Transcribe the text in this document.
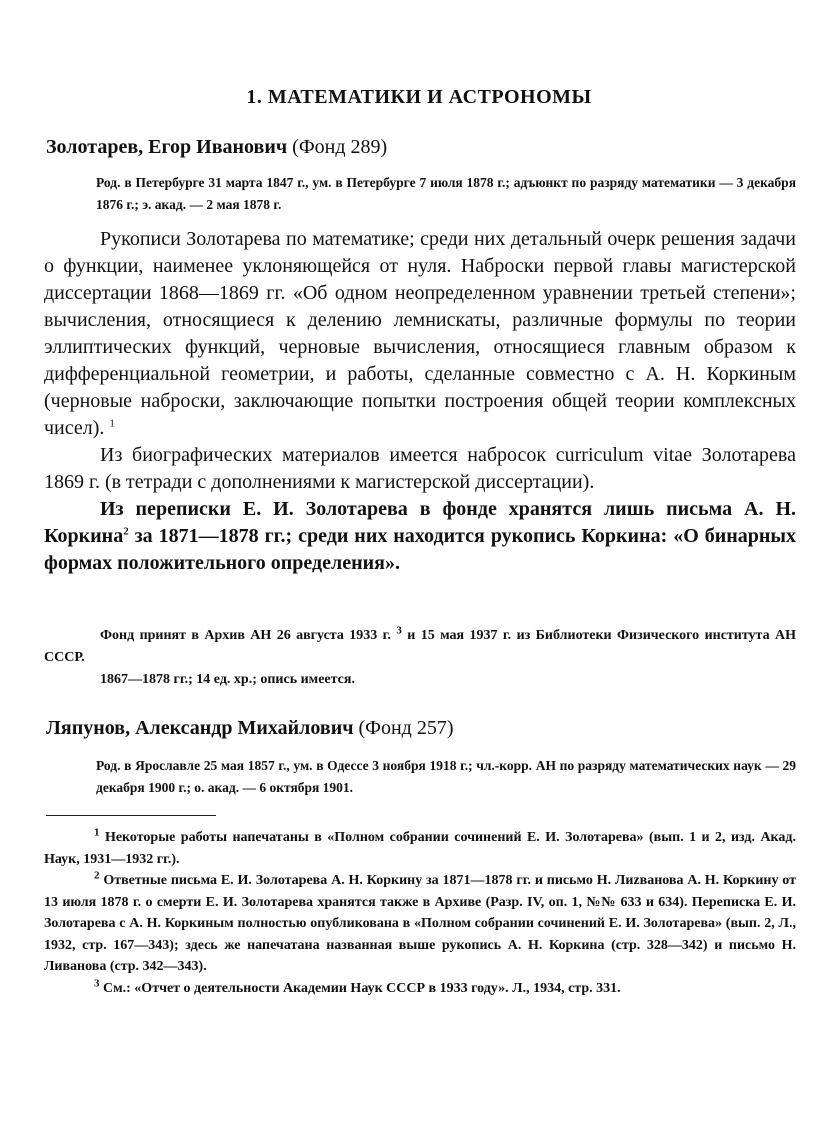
1. МАТЕМАТИКИ И АСТРОНОМЫ
Золотарев, Егор Иванович (Фонд 289)
Род. в Петербурге 31 марта 1847 г., ум. в Петербурге 7 июля 1878 г.; адъюнкт по разряду математики — 3 декабря 1876 г.; э. акад. — 2 мая 1878 г.

Рукописи Золотарева по математике; среди них детальный очерк решения задачи о функции, наименее уклоняющейся от нуля. Наброски первой главы магистерской диссертации 1868—1869 гг. «Об одном неопределенном уравнении третьей степени»; вычисления, относящиеся к делению лемнискаты, различные формулы по теории эллиптических функций, черновые вычисления, относящиеся главным образом к дифференциальной геометрии, и работы, сделанные совместно с А. Н. Коркиным (черновые наброски, заключающие попытки построения общей теории комплексных чисел). $^1$

Из биографических материалов имеется набросок curriculum vitae Золотарева 1869 г. (в тетради с дополнениями к магистерской диссертации).

Из переписки Е. И. Золотарева в фонде хранятся лишь письма А. Н. Коркина$^2$ за 1871—1878 гг.; среди них находится рукопись Коркина: «О бинарных формах положительного определения».

Фонд принят в Архив АН 26 августа 1933 г. $^3$ и 15 мая 1937 г. из Библиотеки Физического института АН СССР.

1867—1878 гг.; 14 ед. хр.; опись имеется.

Ляпунов, Александр Михайлович (Фонд 257)
Род. в Ярославле 25 мая 1857 г., ум. в Одессе 3 ноября 1918 г.; чл.-корр. АН по разряду математических наук — 29 декабря 1900 г.; о. акад. — 6 октября 1901.

$^1$ Некоторые работы напечатаны в «Полном собрании сочинений Е. И. Золотарева» (вып. 1 и 2, изд. Акад. Наук, 1931—1932 гг.).

$^2$ Ответные письма Е. И. Золотарева А. Н. Коркину за 1871—1878 гг. и письмо Н. Лиzванова А. Н. Коркину от 13 июля 1878 г. о смерти Е. И. Золотарева хранятся также в Архиве (Разр. IV, оп. 1, №№ 633 и 634). Переписка Е. И. Золотарева с А. Н. Коркиным полностью опубликована в «Полном собрании сочинений Е. И. Золотарева» (вып. 2, Л., 1932, стр. 167—343); здесь же напечатана названная выше рукопись А. Н. Коркина (стр. 328—342) и письмо Н. Ливанова (стр. 342—343).

$^3$ См.: «Отчет о деятельности Академии Наук СССР в 1933 году». Л., 1934, стр. 331.
